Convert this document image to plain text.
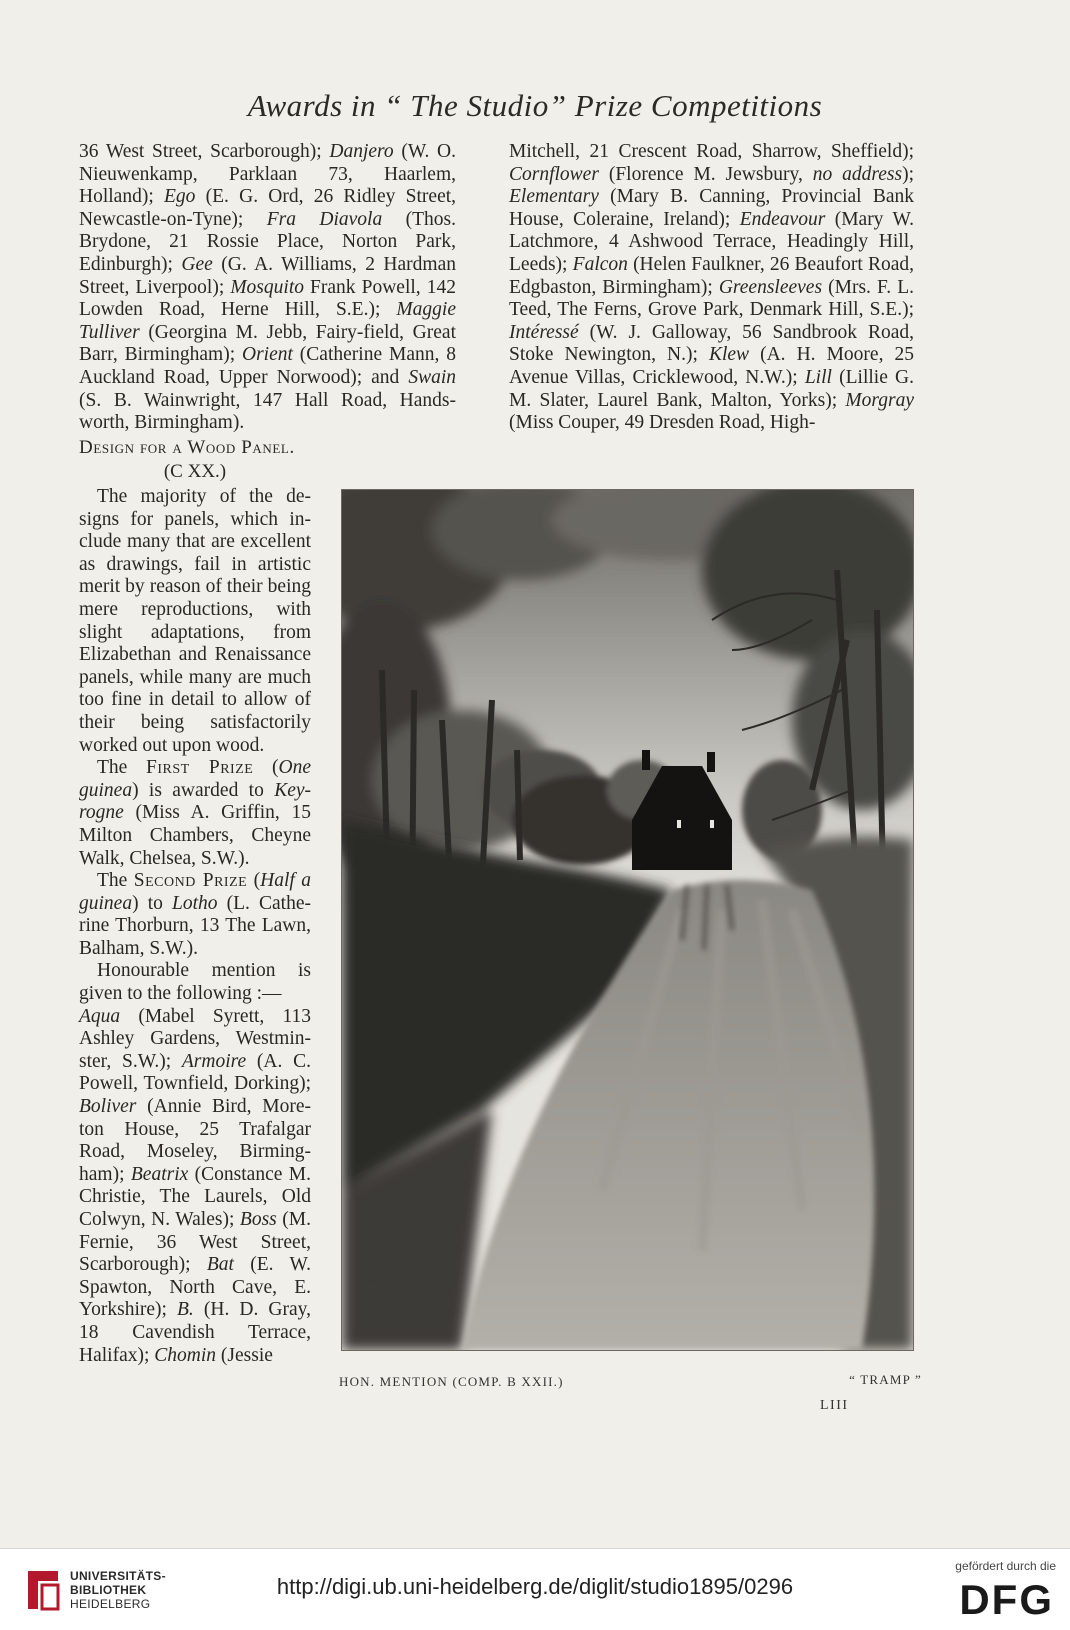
Awards in “ The Studio” Prize Competitions

36 West Street, Scarborough); Danjero (W. O. Nieuwenkamp, Parklaan 73, Haarlem, Holland); Ego (E. G. Ord, 26 Ridley Street, Newcastle-on-Tyne); Fra Diavola (Thos. Brydone, 21 Rossie Place, Norton Park, Edinburgh); Gee (G. A. Williams, 2 Hardman Street, Liverpool); Mosquito Frank Powell, 142 Lowden Road, Herne Hill, S.E.); Maggie Tulliver (Georgina M. Jebb, Fairy-field, Great Barr, Birmingham); Orient (Catherine Mann, 8 Auckland Road, Upper Norwood); and Swain (S. B. Wainwright, 147 Hall Road, Hands-worth, Birmingham).

Mitchell, 21 Crescent Road, Sharrow, Sheffield); Cornflower (Florence M. Jewsbury, no address); Elementary (Mary B. Canning, Provincial Bank House, Coleraine, Ireland); Endeavour (Mary W. Latchmore, 4 Ashwood Terrace, Headingly Hill, Leeds); Falcon (Helen Faulkner, 26 Beaufort Road, Edgbaston, Birmingham); Greensleeves (Mrs. F. L. Teed, The Ferns, Grove Park, Denmark Hill, S.E.); Intéressé (W. J. Galloway, 56 Sandbrook Road, Stoke Newington, N.); Klew (A. H. Moore, 25 Avenue Villas, Cricklewood, N.W.); Lill (Lillie G. M. Slater, Laurel Bank, Malton, Yorks); Morgray (Miss Couper, 49 Dresden Road, High-

Design for a Wood Panel.
(C XX.)

The majority of the de-signs for panels, which in-clude many that are excellent as drawings, fail in artistic merit by reason of their being mere reproductions, with slight adaptations, from Elizabethan and Renaissance panels, while many are much too fine in detail to allow of their being satisfactorily worked out upon wood.

The First Prize (One guinea) is awarded to Key-rogne (Miss A. Griffin, 15 Milton Chambers, Cheyne Walk, Chelsea, S.W.).

The Second Prize (Half a guinea) to Lotho (L. Cathe-rine Thorburn, 13 The Lawn, Balham, S.W.).

Honourable mention is given to the following :—

Aqua (Mabel Syrett, 113 Ashley Gardens, Westmin-ster, S.W.); Armoire (A. C. Powell, Townfield, Dorking); Boliver (Annie Bird, More-ton House, 25 Trafalgar Road, Moseley, Birming-ham); Beatrix (Constance M. Christie, The Laurels, Old Colwyn, N. Wales); Boss (M. Fernie, 36 West Street, Scarborough); Bat (E. W. Spawton, North Cave, E. Yorkshire); B. (H. D. Gray, 18 Cavendish Terrace, Halifax); Chomin (Jessie

B·AC
HON. MENTION (COMP. B XXII.)	“ TRAMP ”
LIII
UNIVERSITÄTS-
BIBLIOTHEK
HEIDELBERG
http://digi.ub.uni-heidelberg.de/diglit/studio1895/0296
gefördert durch die
DFG
